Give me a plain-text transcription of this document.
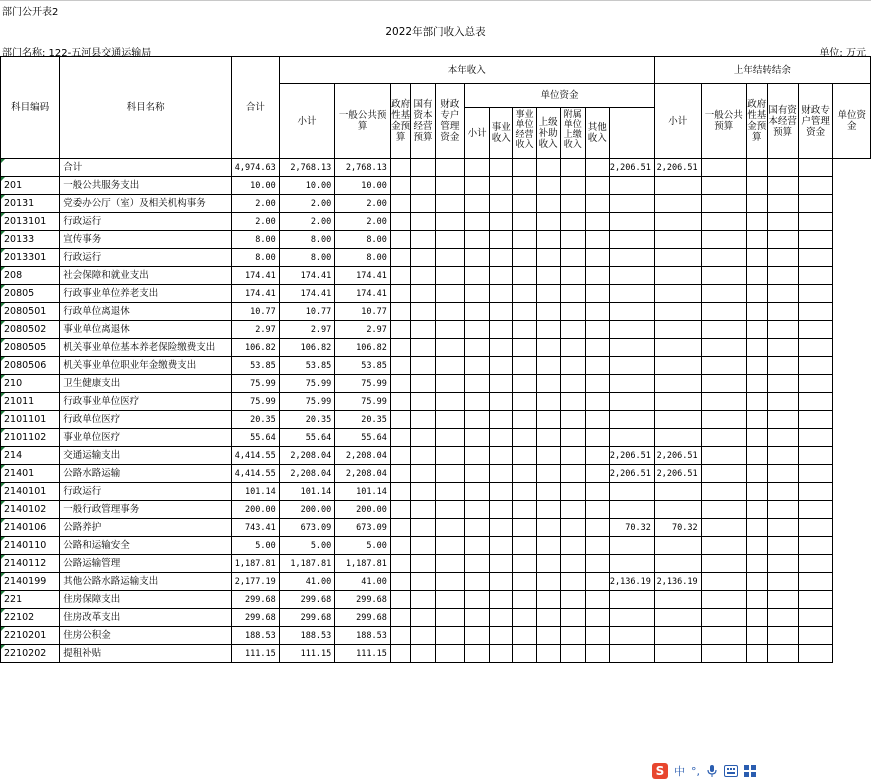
部门公开表2
2022年部门收入总表
部门名称: 122-五河县交通运输局	单位: 万元
科目编码	科目名称	合计	本年收入												上年结转结余					
			小计	一般公共预算	政府性基金预算	国有资本经营预算	财政专户管理资金	单位资金							小计	一般公共预算	政府性基金预算	国有资本经营预算	财政专户管理资金	单位资金
								小计	事业收入	事业单位经营收入	上级补助收入	附属单位上缴收入	其他收入							
	合计	4,974.63	2,768.13	2,768.13										2,206.51	2,206.51					
201	一般公共服务支出	10.00	10.00	10.00																
20131	党委办公厅（室）及相关机构事务	2.00	2.00	2.00																
2013101	行政运行	2.00	2.00	2.00																
20133	宣传事务	8.00	8.00	8.00																
2013301	行政运行	8.00	8.00	8.00																
208	社会保障和就业支出	174.41	174.41	174.41																
20805	行政事业单位养老支出	174.41	174.41	174.41																
2080501	行政单位离退休	10.77	10.77	10.77																
2080502	事业单位离退休	2.97	2.97	2.97																
2080505	机关事业单位基本养老保险缴费支出	106.82	106.82	106.82																
2080506	机关事业单位职业年金缴费支出	53.85	53.85	53.85																
210	卫生健康支出	75.99	75.99	75.99																
21011	行政事业单位医疗	75.99	75.99	75.99																
2101101	行政单位医疗	20.35	20.35	20.35																
2101102	事业单位医疗	55.64	55.64	55.64																
214	交通运输支出	4,414.55	2,208.04	2,208.04										2,206.51	2,206.51					
21401	公路水路运输	4,414.55	2,208.04	2,208.04										2,206.51	2,206.51					
2140101	行政运行	101.14	101.14	101.14																
2140102	一般行政管理事务	200.00	200.00	200.00																
2140106	公路养护	743.41	673.09	673.09										70.32	70.32					
2140110	公路和运输安全	5.00	5.00	5.00																
2140112	公路运输管理	1,187.81	1,187.81	1,187.81																
2140199	其他公路水路运输支出	2,177.19	41.00	41.00										2,136.19	2,136.19					
221	住房保障支出	299.68	299.68	299.68																
22102	住房改革支出	299.68	299.68	299.68																
2210201	住房公积金	188.53	188.53	188.53																
2210202	提租补贴	111.15	111.15	111.15																
S 中 °,
